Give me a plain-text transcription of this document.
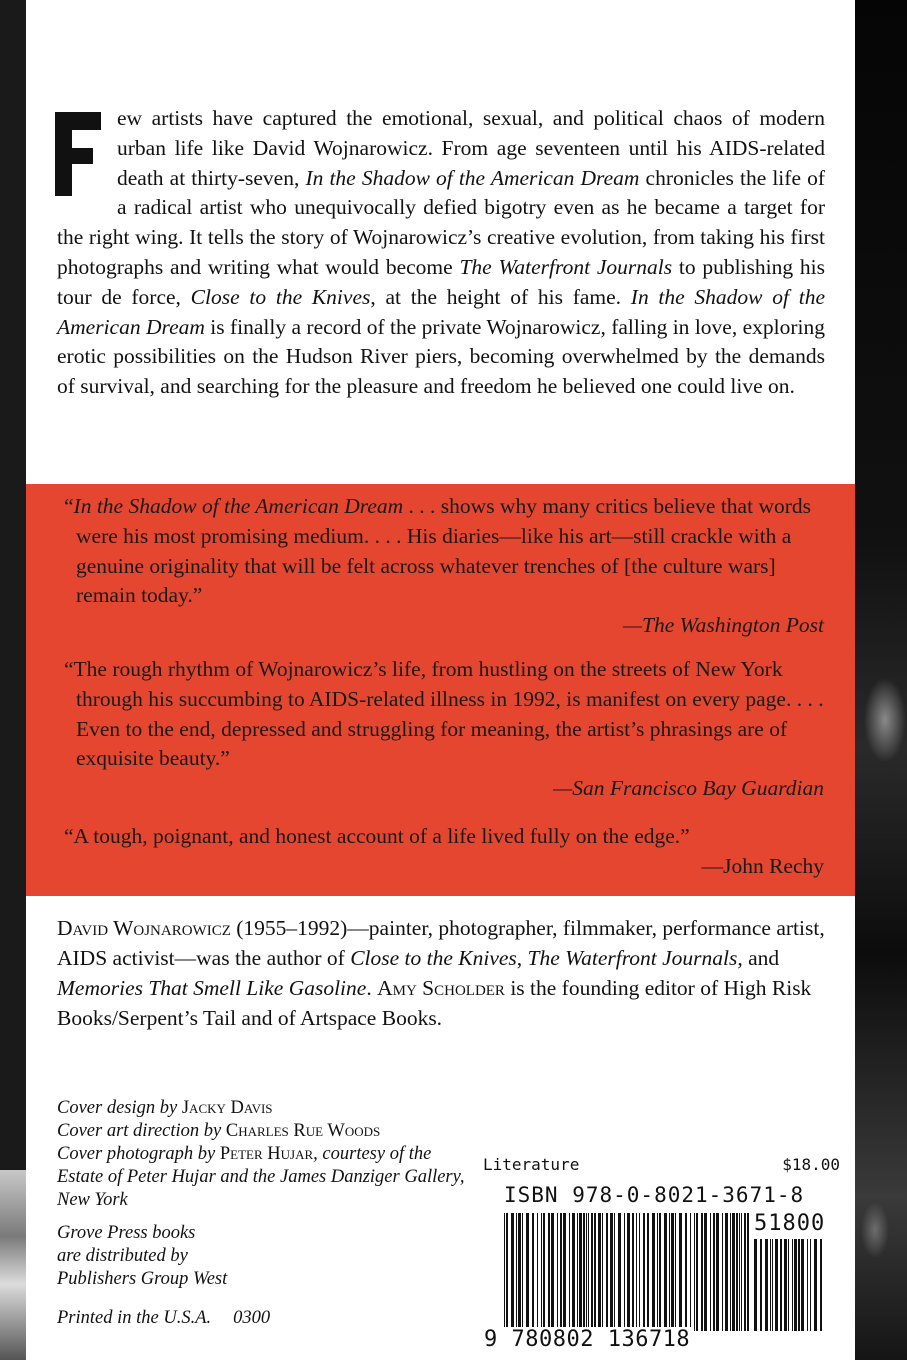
ew artists have captured the emotional, sexual, and political chaos of modern urban life like David Wojnarowicz. From age seventeen until his AIDS-related death at thirty-seven, In the Shadow of the American Dream chronicles the life of a radical artist who unequivocally defied bigotry even as he became a target for the right wing. It tells the story of Wojnarowicz’s creative evolution, from taking his first photographs and writing what would become The Waterfront Journals to publishing his tour de force, Close to the Knives, at the height of his fame. In the Shadow of the American Dream is finally a record of the private Wojnarowicz, falling in love, exploring erotic possibilities on the Hudson River piers, becoming overwhelmed by the demands of survival, and searching for the pleasure and freedom he believed one could live on.

“In the Shadow of the American Dream . . . shows why many critics believe that words were his most promising medium. . . . His diaries—like his art—still crackle with a genuine originality that will be felt across whatever trenches of [the culture wars] remain today.”

—The Washington Post

“The rough rhythm of Wojnarowicz’s life, from hustling on the streets of New York through his succumbing to AIDS-related illness in 1992, is manifest on every page. . . . Even to the end, depressed and struggling for meaning, the artist’s phrasings are of exquisite beauty.”

—San Francisco Bay Guardian

“A tough, poignant, and honest account of a life lived fully on the edge.”

—John Rechy

David Wojnarowicz (1955–1992)—painter, photographer, filmmaker, performance artist, AIDS activist—was the author of Close to the Knives, The Waterfront Journals, and Memories That Smell Like Gasoline. Amy Scholder is the founding editor of High Risk Books/Serpent’s Tail and of Artspace Books.

Cover design by Jacky Davis

Cover art direction by Charles Rue Woods

Cover photograph by Peter Hujar, courtesy of the Estate of Peter Hujar and the James Danziger Gallery, New York

Grove Press books

are distributed by

Publishers Group West

Printed in the U.S.A. 0300
Literature	$18.00
ISBN 978-0-8021-3671-8
51800
9 780802 136718
